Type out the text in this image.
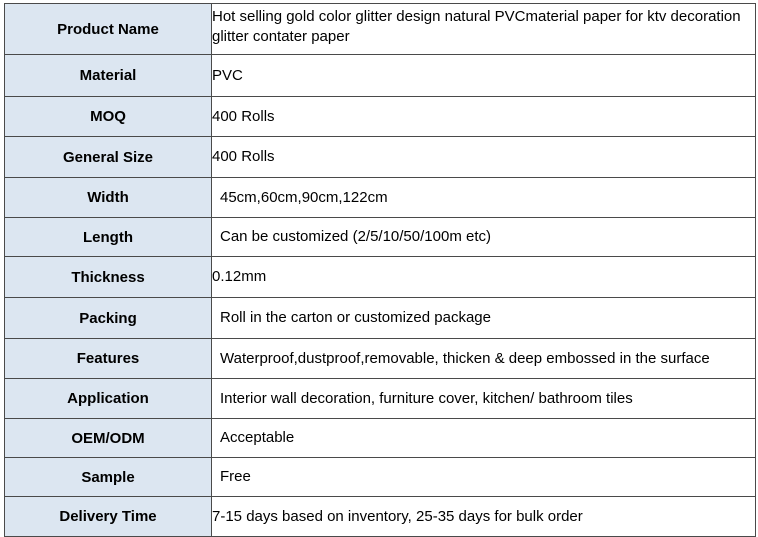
Product Name	Hot selling gold color glitter design natural PVCmaterial paper for ktv decoration glitter contater paper
Material	PVC
MOQ	400 Rolls
General Size	400 Rolls
Width	45cm,60cm,90cm,122cm
Length	Can be customized (2/5/10/50/100m etc)
Thickness	0.12mm
Packing	Roll in the carton or customized package
Features	Waterproof,dustproof,removable, thicken & deep embossed in the surface
Application	Interior wall decoration, furniture cover, kitchen/ bathroom tiles
OEM/ODM	Acceptable
Sample	Free
Delivery Time	7-15 days based on inventory, 25-35 days for bulk order
